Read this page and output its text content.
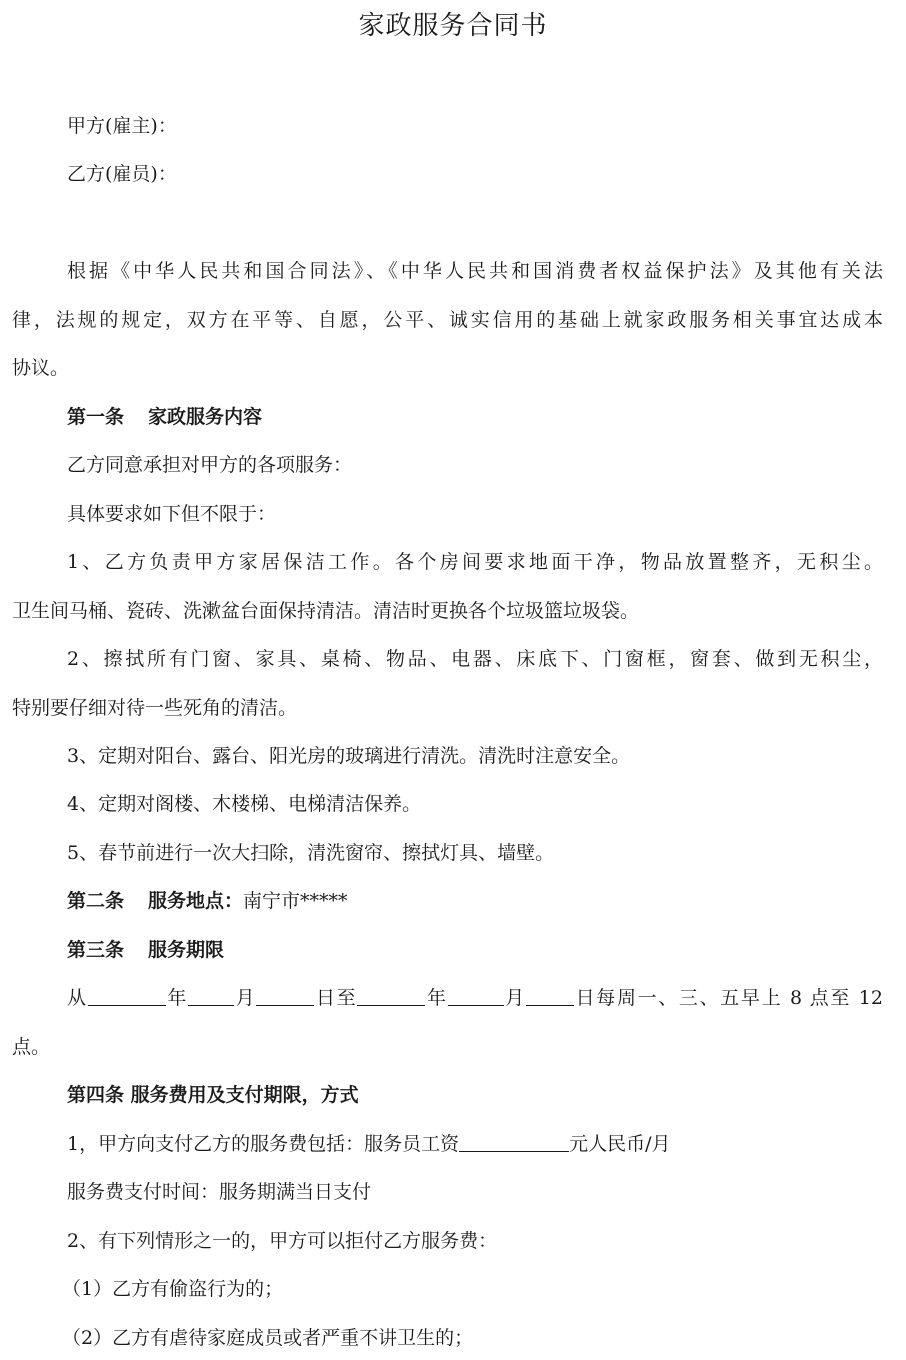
家政服务合同书
甲方(雇主)：
乙方(雇员)：
根据《中华人民共和国合同法》、《中华人民共和国消费者权益保护法》及其他有关法
律，法规的规定，双方在平等、自愿，公平、诚实信用的基础上就家政服务相关事宜达成本
协议。
第一条 家政服务内容
乙方同意承担对甲方的各项服务：
具体要求如下但不限于：
1、乙方负责甲方家居保洁工作。各个房间要求地面干净，物品放置整齐，无积尘。
卫生间马桶、瓷砖、洗漱盆台面保持清洁。清洁时更换各个垃圾篮垃圾袋。
2、擦拭所有门窗、家具、桌椅、物品、电器、床底下、门窗框，窗套、做到无积尘，
特别要仔细对待一些死角的清洁。
3、定期对阳台、露台、阳光房的玻璃进行清洗。清洗时注意安全。
4、定期对阁楼、木楼梯、电梯清洁保养。
5、春节前进行一次大扫除，清洗窗帘、擦拭灯具、墙壁。
第二条 服务地点：南宁市*****
第三条 服务期限
从	年 月	日至	年	月	日每周一、三、五早上 8 点至 12
点。
第四条 服务费用及支付期限，方式
1，甲方向支付乙方的服务费包括：服务员工资	元人民币/月
服务费支付时间：服务期满当日支付
2、有下列情形之一的，甲方可以拒付乙方服务费：
（1）乙方有偷盗行为的；
（2）乙方有虐待家庭成员或者严重不讲卫生的；
